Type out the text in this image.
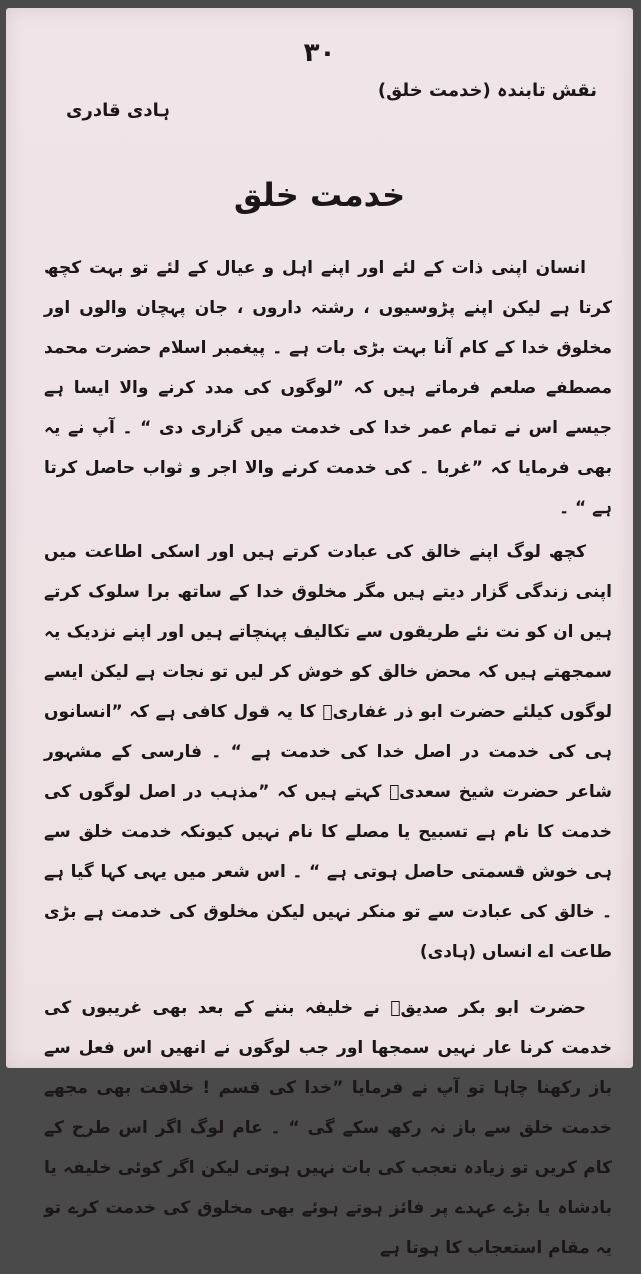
۳۰
نقش تابندہ (خدمت خلق)
ہادی قادری
خدمت خلق

انسان اپنی ذات کے لئے اور اپنے اہل و عیال کے لئے تو بہت کچھ کرتا ہے لیکن اپنے پڑوسیوں ، رشتہ داروں ، جان پہچان والوں اور مخلوق خدا کے کام آنا بہت بڑی بات ہے ۔ پیغمبر اسلام حضرت محمد مصطفے صلعم فرماتے ہیں کہ ”لوگوں کی مدد کرنے والا ایسا ہے جیسے اس نے تمام عمر خدا کی خدمت میں گزاری دی “ ۔ آپ نے یہ بھی فرمایا کہ ”غربا ۔ کی خدمت کرنے والا اجر و ثواب حاصل کرتا ہے “ ۔

کچھ لوگ اپنے خالق کی عبادت کرتے ہیں اور اسکی اطاعت میں اپنی زندگی گزار دیتے ہیں مگر مخلوق خدا کے ساتھ برا سلوک کرتے ہیں ان کو نت نئے طریقوں سے تکالیف پہنچاتے ہیں اور اپنے نزدیک یہ سمجھتے ہیں کہ محض خالق کو خوش کر لیں تو نجات ہے لیکن ایسے لوگوں کیلئے حضرت ابو ذر غفاریؓ کا یہ قول کافی ہے کہ ”انسانوں ہی کی خدمت در اصل خدا کی خدمت ہے “ ۔ فارسی کے مشہور شاعر حضرت شیخ سعدیؒ کہتے ہیں کہ ”مذہب در اصل لوگوں کی خدمت کا نام ہے تسبیح یا مصلے کا نام نہیں کیونکہ خدمت خلق سے ہی خوش قسمتی حاصل ہوتی ہے “ ۔ اس شعر میں یہی کہا گیا ہے ۔ خالق کی عبادت سے تو منکر نہیں لیکن مخلوق کی خدمت ہے بڑی طاعت اے انساں (ہادی)

حضرت ابو بکر صدیقؓ نے خلیفہ بننے کے بعد بھی غریبوں کی خدمت کرنا عار نہیں سمجھا اور جب لوگوں نے انھیں اس فعل سے باز رکھنا چاہا تو آپ نے فرمایا ”خدا کی قسم ! خلافت بھی مجھے خدمت خلق سے باز نہ رکھ سکے گی “ ۔ عام لوگ اگر اس طرح کے کام کریں تو زیادہ تعجب کی بات نہیں ہوتی لیکن اگر کوئی خلیفہ یا بادشاہ یا بڑے عہدے پر فائز ہوتے ہوئے بھی مخلوق کی خدمت کرے تو یہ مقام استعجاب کا ہوتا ہے
